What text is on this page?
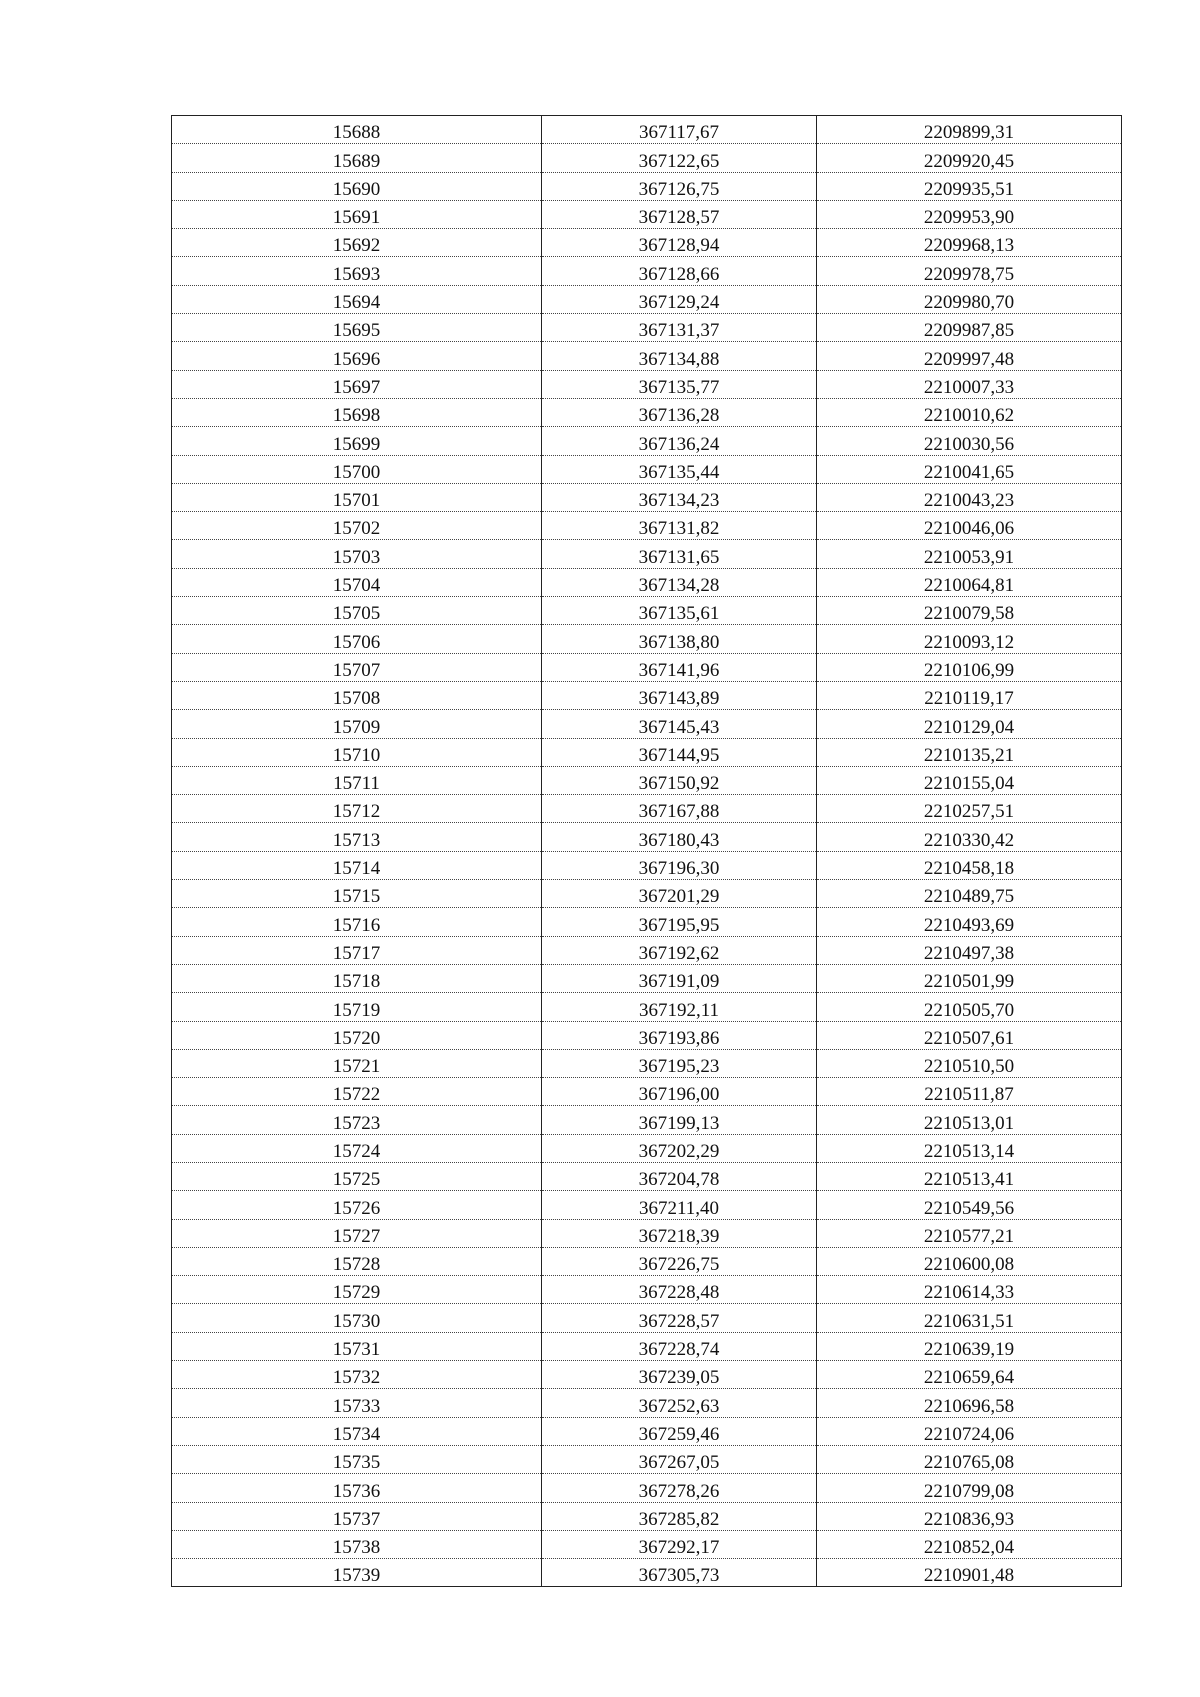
15688	367117,67	2209899,31
15689	367122,65	2209920,45
15690	367126,75	2209935,51
15691	367128,57	2209953,90
15692	367128,94	2209968,13
15693	367128,66	2209978,75
15694	367129,24	2209980,70
15695	367131,37	2209987,85
15696	367134,88	2209997,48
15697	367135,77	2210007,33
15698	367136,28	2210010,62
15699	367136,24	2210030,56
15700	367135,44	2210041,65
15701	367134,23	2210043,23
15702	367131,82	2210046,06
15703	367131,65	2210053,91
15704	367134,28	2210064,81
15705	367135,61	2210079,58
15706	367138,80	2210093,12
15707	367141,96	2210106,99
15708	367143,89	2210119,17
15709	367145,43	2210129,04
15710	367144,95	2210135,21
15711	367150,92	2210155,04
15712	367167,88	2210257,51
15713	367180,43	2210330,42
15714	367196,30	2210458,18
15715	367201,29	2210489,75
15716	367195,95	2210493,69
15717	367192,62	2210497,38
15718	367191,09	2210501,99
15719	367192,11	2210505,70
15720	367193,86	2210507,61
15721	367195,23	2210510,50
15722	367196,00	2210511,87
15723	367199,13	2210513,01
15724	367202,29	2210513,14
15725	367204,78	2210513,41
15726	367211,40	2210549,56
15727	367218,39	2210577,21
15728	367226,75	2210600,08
15729	367228,48	2210614,33
15730	367228,57	2210631,51
15731	367228,74	2210639,19
15732	367239,05	2210659,64
15733	367252,63	2210696,58
15734	367259,46	2210724,06
15735	367267,05	2210765,08
15736	367278,26	2210799,08
15737	367285,82	2210836,93
15738	367292,17	2210852,04
15739	367305,73	2210901,48
